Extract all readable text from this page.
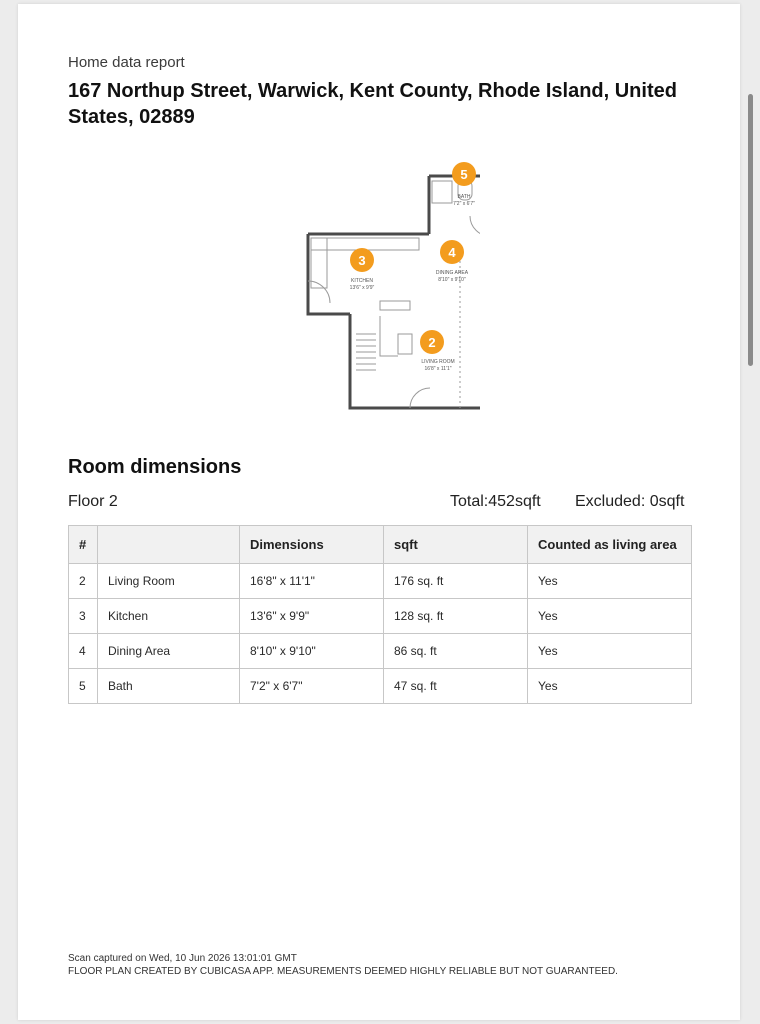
Home data report
167 Northup Street, Warwick, Kent County, Rhode Island, United States, 02889
5
BATH
7'2" x 6'7"
3
KITCHEN
13'6" x 9'9"
4
DINING AREA
8'10" x 9'10"
2
LIVING ROOM
16'8" x 11'1"
Room dimensions
Floor 2	Total:452sqft Excluded: 0sqft
#		Dimensions	sqft	Counted as living area
2	Living Room	16'8" x 11'1"	176 sq. ft	Yes
3	Kitchen	13'6" x 9'9"	128 sq. ft	Yes
4	Dining Area	8'10" x 9'10"	86 sq. ft	Yes
5	Bath	7'2" x 6'7"	47 sq. ft	Yes
Scan captured on Wed, 10 Jun 2026 13:01:01 GMT
FLOOR PLAN CREATED BY CUBICASA APP. MEASUREMENTS DEEMED HIGHLY RELIABLE BUT NOT GUARANTEED.
